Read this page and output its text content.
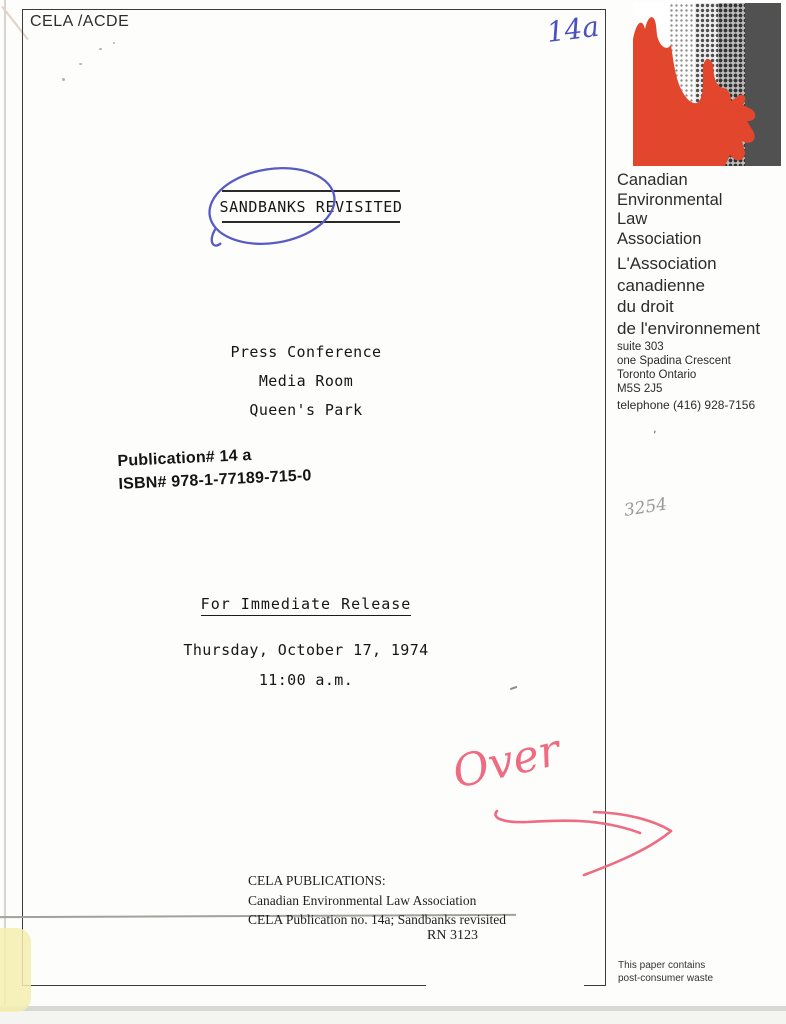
CELA /ACDE
Canadian
Environmental
Law
Association
L'Association
canadienne
du droit
de l'environnement
suite 303
one Spadina Crescent
Toronto Ontario
M5S 2J5
telephone (416) 928-7156
SANDBANKS REVISITED
Press Conference
Media Room
Queen's Park
Publication# 14 a
ISBN# 978-1-77189-715-0
For Immediate Release
Thursday, October 17, 1974
11:00 a.m.
CELA PUBLICATIONS:
Canadian Environmental Law Association
CELA Publication no. 14a; Sandbanks revisited
RN 3123
This paper contains
post-consumer waste
'
14a
3254
Over
